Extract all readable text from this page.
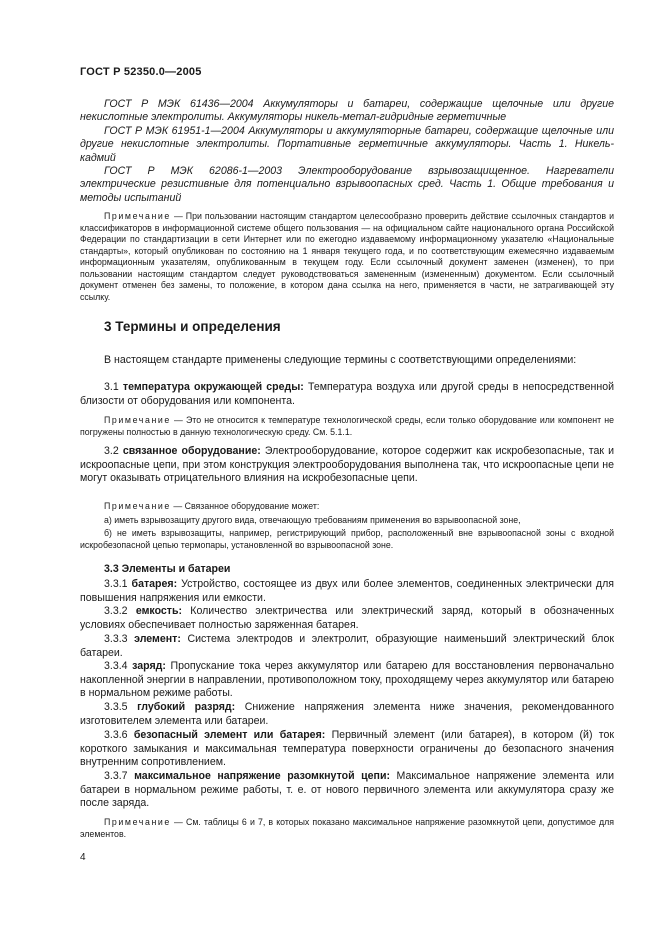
ГОСТ Р 52350.0—2005

ГОСТ Р МЭК 61436—2004 Аккумуляторы и батареи, содержащие щелочные или другие некислотные электролиты. Аккумуляторы никель-метал-гидридные герметичные

ГОСТ Р МЭК 61951-1—2004 Аккумуляторы и аккумуляторные батареи, содержащие щелочные или другие некислотные электролиты. Портативные герметичные аккумуляторы. Часть 1. Никель-кадмий

ГОСТ Р МЭК 62086-1—2003 Электрооборудование взрывозащищенное. Нагреватели электрические резистивные для потенциально взрывоопасных сред. Часть 1. Общие требования и методы испытаний

Примечание — При пользовании настоящим стандартом целесообразно проверить действие ссылочных стандартов и классификаторов в информационной системе общего пользования — на официальном сайте национального органа Российской Федерации по стандартизации в сети Интернет или по ежегодно издаваемому информационному указателю «Национальные стандарты», который опубликован по состоянию на 1 января текущего года, и по соответствующим ежемесячно издаваемым информационным указателям, опубликованным в текущем году. Если ссылочный документ заменен (изменен), то при пользовании настоящим стандартом следует руководствоваться замененным (измененным) документом. Если ссылочный документ отменен без замены, то положение, в котором дана ссылка на него, применяется в части, не затрагивающей эту ссылку.

3 Термины и определения

В настоящем стандарте применены следующие термины с соответствующими определениями:

3.1 температура окружающей среды: Температура воздуха или другой среды в непосредственной близости от оборудования или компонента.

Примечание — Это не относится к температуре технологической среды, если только оборудование или компонент не погружены полностью в данную технологическую среду. См. 5.1.1.

3.2 связанное оборудование: Электрооборудование, которое содержит как искробезопасные, так и искроопасные цепи, при этом конструкция электрооборудования выполнена так, что искроопасные цепи не могут оказывать отрицательного влияния на искробезопасные цепи.

Примечание — Связанное оборудование может:

а) иметь взрывозащиту другого вида, отвечающую требованиям применения во взрывоопасной зоне,

б) не иметь взрывозащиты, например, регистрирующий прибор, расположенный вне взрывоопасной зоны с входной искробезопасной цепью термопары, установленной во взрывоопасной зоне.

3.3 Элементы и батареи

3.3.1 батарея: Устройство, состоящее из двух или более элементов, соединенных электрически для повышения напряжения или емкости.

3.3.2 емкость: Количество электричества или электрический заряд, который в обозначенных условиях обеспечивает полностью заряженная батарея.

3.3.3 элемент: Система электродов и электролит, образующие наименьший электрический блок батареи.

3.3.4 заряд: Пропускание тока через аккумулятор или батарею для восстановления первоначально накопленной энергии в направлении, противоположном току, проходящему через аккумулятор или батарею в нормальном режиме работы.

3.3.5 глубокий разряд: Снижение напряжения элемента ниже значения, рекомендованного изготовителем элемента или батареи.

3.3.6 безопасный элемент или батарея: Первичный элемент (или батарея), в котором (й) ток короткого замыкания и максимальная температура поверхности ограничены до безопасного значения внутренним сопротивлением.

3.3.7 максимальное напряжение разомкнутой цепи: Максимальное напряжение элемента или батареи в нормальном режиме работы, т. е. от нового первичного элемента или аккумулятора сразу же после заряда.

Примечание — См. таблицы 6 и 7, в которых показано максимальное напряжение разомкнутой цепи, допустимое для элементов.

4
